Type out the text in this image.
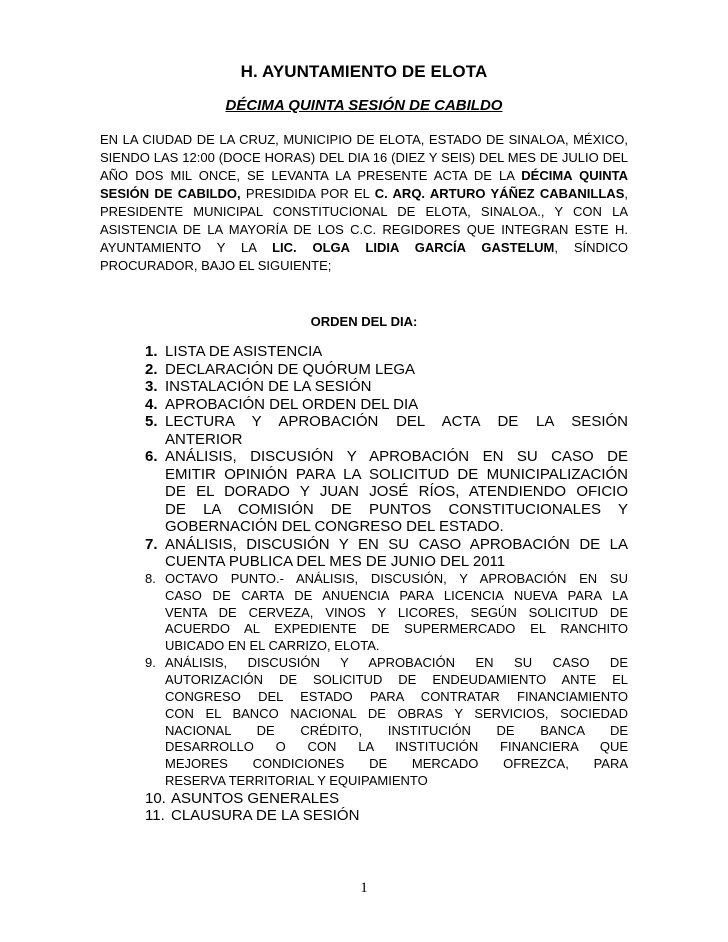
H. AYUNTAMIENTO DE ELOTA
DÉCIMA QUINTA SESIÓN DE CABILDO

EN LA CIUDAD DE LA CRUZ, MUNICIPIO DE ELOTA, ESTADO DE SINALOA, MÉXICO, SIENDO LAS 12:00 (DOCE HORAS) DEL DIA 16 (DIEZ Y SEIS) DEL MES DE JULIO DEL AÑO DOS MIL ONCE, SE LEVANTA LA PRESENTE ACTA DE LA DÉCIMA QUINTA SESIÓN DE CABILDO, PRESIDIDA POR EL C. ARQ. ARTURO YÁÑEZ CABANILLAS, PRESIDENTE MUNICIPAL CONSTITUCIONAL DE ELOTA, SINALOA., Y CON LA ASISTENCIA DE LA MAYORÍA DE LOS C.C. REGIDORES QUE INTEGRAN ESTE H. AYUNTAMIENTO Y LA LIC. OLGA LIDIA GARCÍA GASTELUM, SÍNDICO PROCURADOR, BAJO EL SIGUIENTE;

ORDEN DEL DIA:
1. LISTA DE ASISTENCIA
2. DECLARACIÓN DE QUÓRUM LEGA
3. INSTALACIÓN DE LA SESIÓN
4. APROBACIÓN DEL ORDEN DEL DIA
5. LECTURA Y APROBACIÓN DEL ACTA DE LA SESIÓN
ANTERIOR
6. ANÁLISIS, DISCUSIÓN Y APROBACIÓN EN SU CASO DE
EMITIR OPINIÓN PARA LA SOLICITUD DE MUNICIPALIZACIÓN
DE EL DORADO Y JUAN JOSÉ RÍOS, ATENDIENDO OFICIO
DE LA COMISIÓN DE PUNTOS CONSTITUCIONALES Y
GOBERNACIÓN DEL CONGRESO DEL ESTADO.
7. ANÁLISIS, DISCUSIÓN Y EN SU CASO APROBACIÓN DE LA
CUENTA PUBLICA DEL MES DE JUNIO DEL 2011
8. OCTAVO PUNTO.- ANÁLISIS, DISCUSIÓN, Y APROBACIÓN EN SU
CASO DE CARTA DE ANUENCIA PARA LICENCIA NUEVA PARA LA
VENTA DE CERVEZA, VINOS Y LICORES, SEGÚN SOLICITUD DE
ACUERDO AL EXPEDIENTE DE SUPERMERCADO EL RANCHITO
UBICADO EN EL CARRIZO, ELOTA.
9. ANÁLISIS, DISCUSIÓN Y APROBACIÓN EN SU CASO DE
AUTORIZACIÓN DE SOLICITUD DE ENDEUDAMIENTO ANTE EL
CONGRESO DEL ESTADO PARA CONTRATAR FINANCIAMIENTO
CON EL BANCO NACIONAL DE OBRAS Y SERVICIOS, SOCIEDAD
NACIONAL DE CRÉDITO, INSTITUCIÓN DE BANCA DE
DESARROLLO O CON LA INSTITUCIÓN FINANCIERA QUE
MEJORES CONDICIONES DE MERCADO OFREZCA, PARA
RESERVA TERRITORIAL Y EQUIPAMIENTO
10. ASUNTOS GENERALES
11. CLAUSURA DE LA SESIÓN
1
